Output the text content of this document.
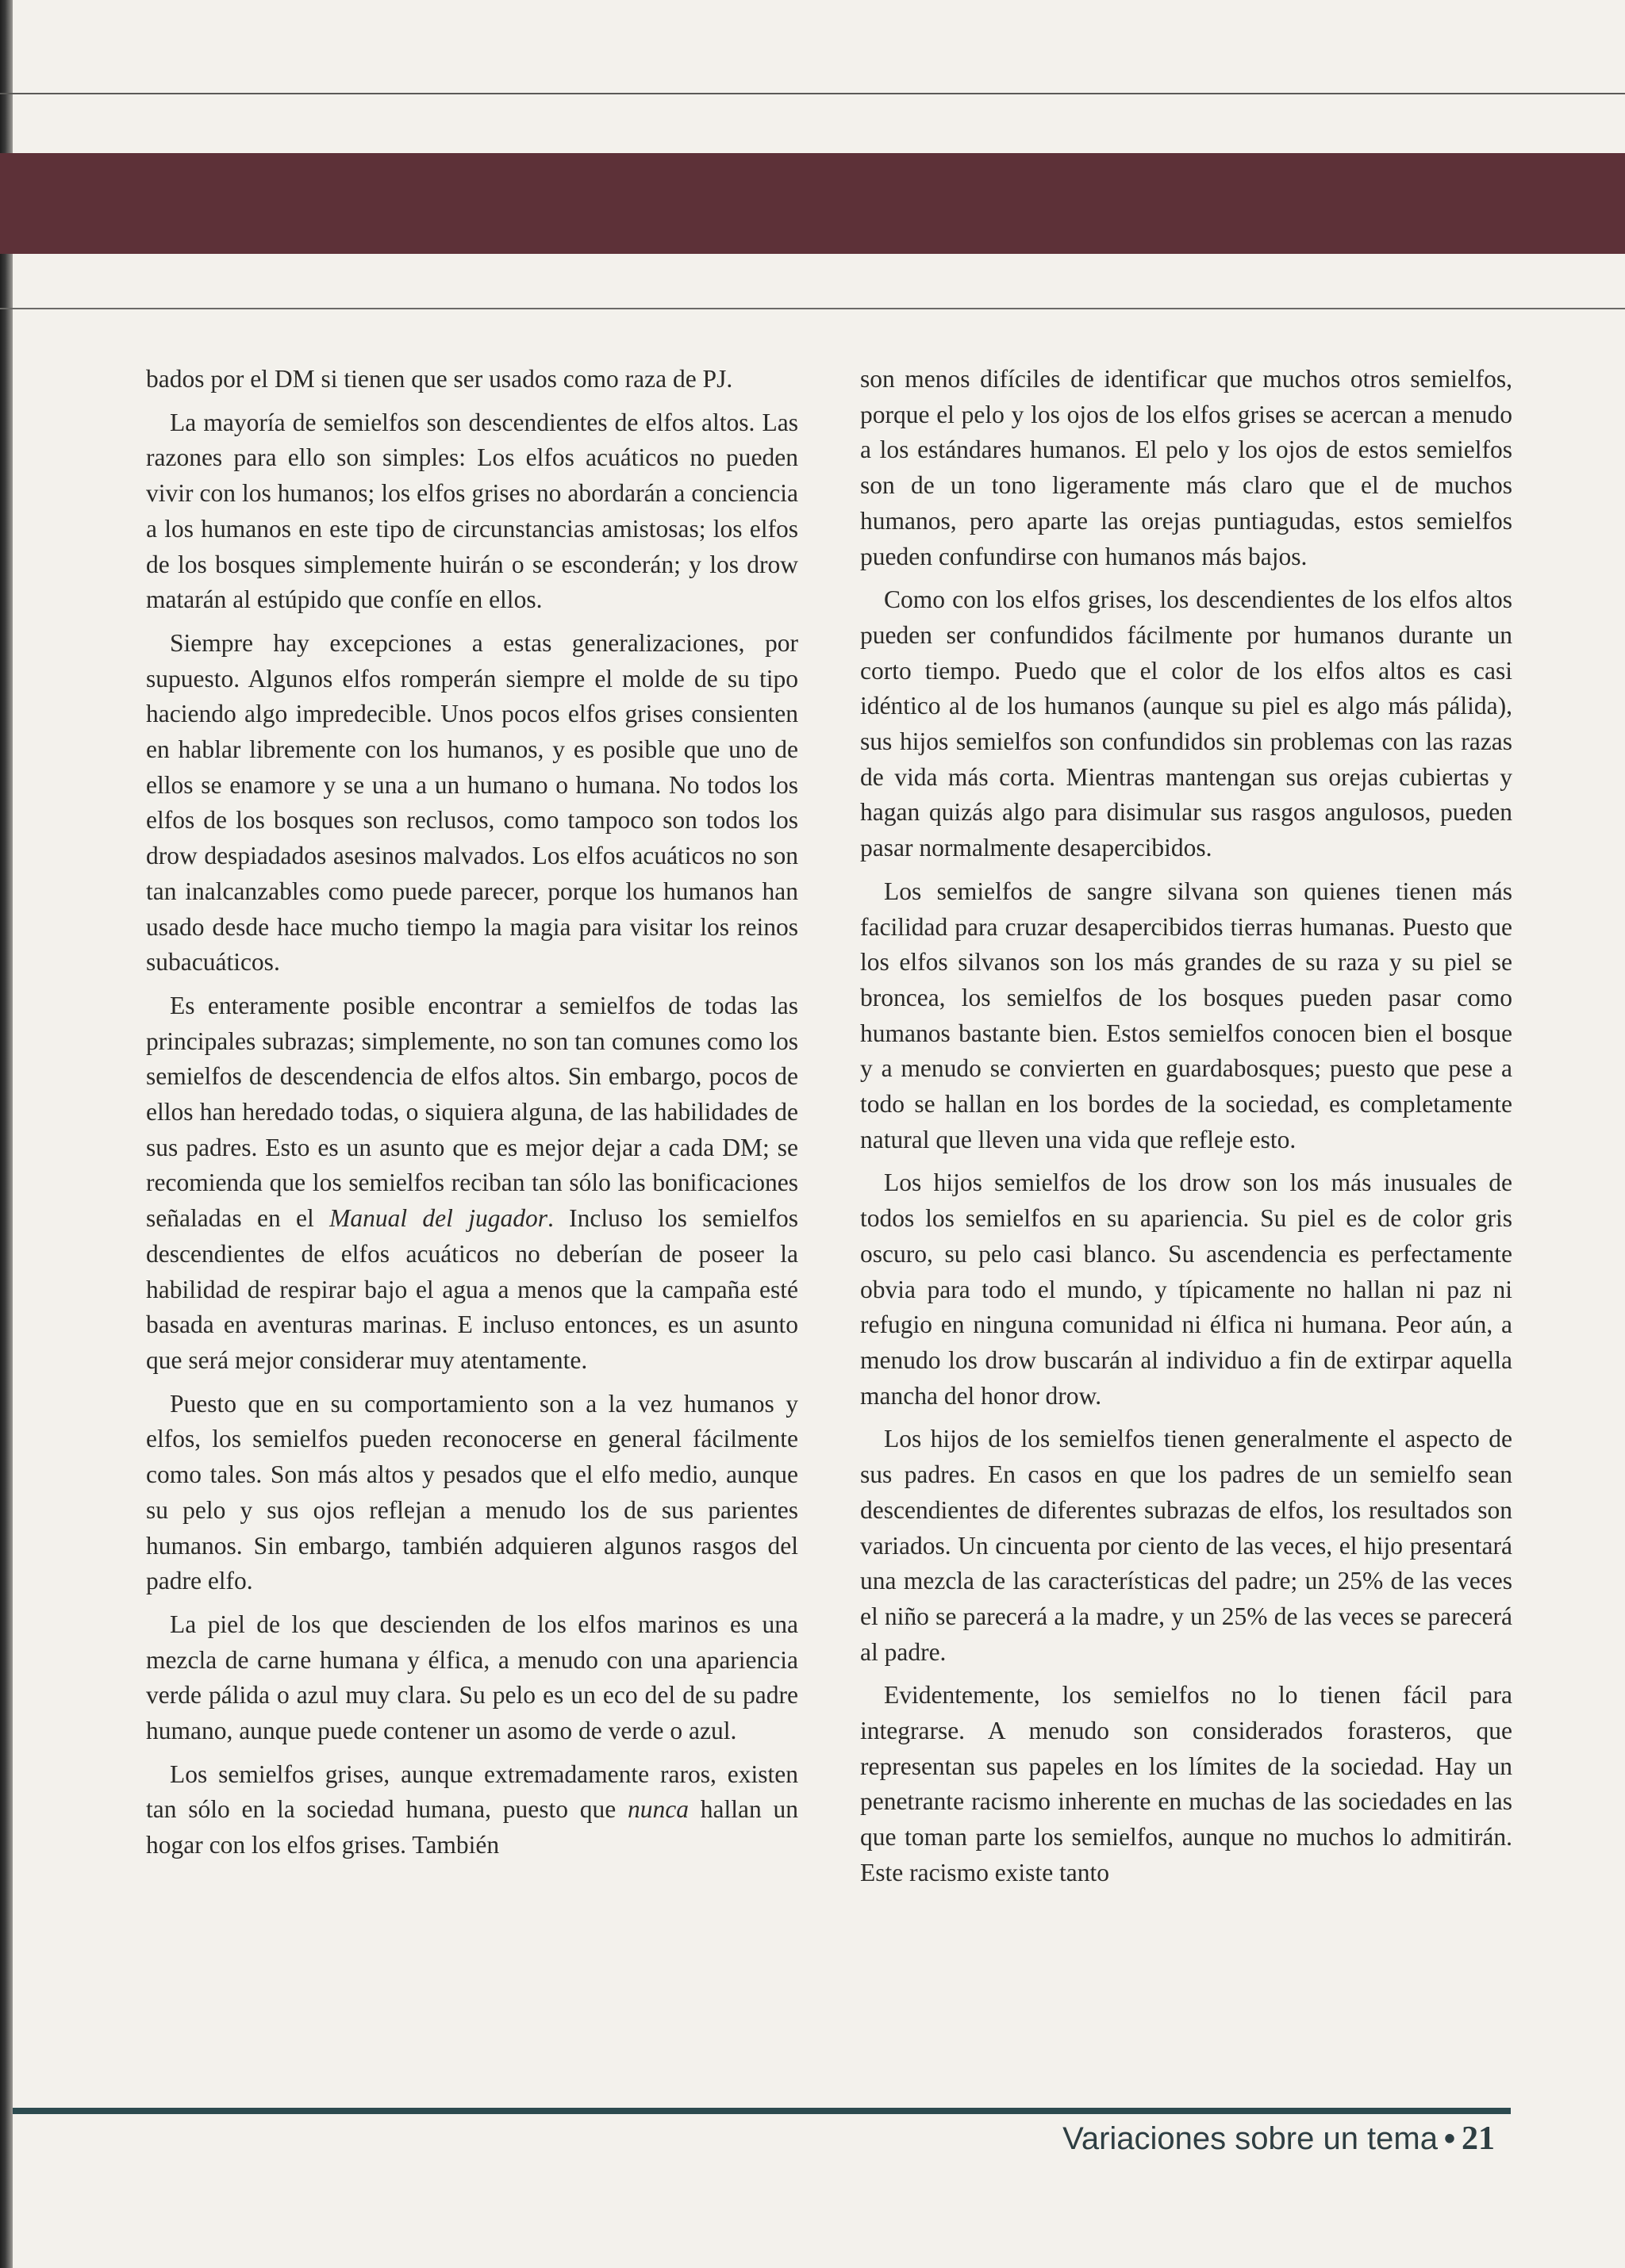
bados por el DM si tienen que ser usados como raza de PJ.

La mayoría de semielfos son descendientes de elfos altos. Las razones para ello son simples: Los elfos acuáticos no pueden vivir con los humanos; los elfos grises no abordarán a conciencia a los humanos en este tipo de circunstancias amistosas; los elfos de los bosques simplemente huirán o se esconderán; y los drow matarán al estúpido que confíe en ellos.

Siempre hay excepciones a estas generalizaciones, por supuesto. Algunos elfos romperán siempre el molde de su tipo haciendo algo impredecible. Unos pocos elfos grises consienten en hablar libremente con los humanos, y es posible que uno de ellos se enamore y se una a un humano o humana. No todos los elfos de los bosques son reclusos, como tampoco son todos los drow despiadados asesinos malvados. Los elfos acuáticos no son tan inalcanzables como puede parecer, porque los humanos han usado desde hace mucho tiempo la magia para visitar los reinos subacuáticos.

Es enteramente posible encontrar a semielfos de todas las principales subrazas; simplemente, no son tan comunes como los semielfos de descendencia de elfos altos. Sin embargo, pocos de ellos han heredado todas, o siquiera alguna, de las habilidades de sus padres. Esto es un asunto que es mejor dejar a cada DM; se recomienda que los semielfos reciban tan sólo las bonificaciones señaladas en el Manual del jugador. Incluso los semielfos descendientes de elfos acuáticos no deberían de poseer la habilidad de respirar bajo el agua a menos que la campaña esté basada en aventuras marinas. E incluso entonces, es un asunto que será mejor considerar muy atentamente.

Puesto que en su comportamiento son a la vez humanos y elfos, los semielfos pueden reconocerse en general fácilmente como tales. Son más altos y pesados que el elfo medio, aunque su pelo y sus ojos reflejan a menudo los de sus parientes humanos. Sin embargo, también adquieren algunos rasgos del padre elfo.

La piel de los que descienden de los elfos marinos es una mezcla de carne humana y élfica, a menudo con una apariencia verde pálida o azul muy clara. Su pelo es un eco del de su padre humano, aunque puede contener un asomo de verde o azul.

Los semielfos grises, aunque extremadamente raros, existen tan sólo en la sociedad humana, puesto que nunca hallan un hogar con los elfos grises. También

son menos difíciles de identificar que muchos otros semielfos, porque el pelo y los ojos de los elfos grises se acercan a menudo a los estándares humanos. El pelo y los ojos de estos semielfos son de un tono ligeramente más claro que el de muchos humanos, pero aparte las orejas puntiagudas, estos semielfos pueden confundirse con humanos más bajos.

Como con los elfos grises, los descendientes de los elfos altos pueden ser confundidos fácilmente por humanos durante un corto tiempo. Puedo que el color de los elfos altos es casi idéntico al de los humanos (aunque su piel es algo más pálida), sus hijos semielfos son confundidos sin problemas con las razas de vida más corta. Mientras mantengan sus orejas cubiertas y hagan quizás algo para disimular sus rasgos angulosos, pueden pasar normalmente desapercibidos.

Los semielfos de sangre silvana son quienes tienen más facilidad para cruzar desapercibidos tierras humanas. Puesto que los elfos silvanos son los más grandes de su raza y su piel se broncea, los semielfos de los bosques pueden pasar como humanos bastante bien. Estos semielfos conocen bien el bosque y a menudo se convierten en guardabosques; puesto que pese a todo se hallan en los bordes de la sociedad, es completamente natural que lleven una vida que refleje esto.

Los hijos semielfos de los drow son los más inusuales de todos los semielfos en su apariencia. Su piel es de color gris oscuro, su pelo casi blanco. Su ascendencia es perfectamente obvia para todo el mundo, y típicamente no hallan ni paz ni refugio en ninguna comunidad ni élfica ni humana. Peor aún, a menudo los drow buscarán al individuo a fin de extirpar aquella mancha del honor drow.

Los hijos de los semielfos tienen generalmente el aspecto de sus padres. En casos en que los padres de un semielfo sean descendientes de diferentes subrazas de elfos, los resultados son variados. Un cincuenta por ciento de las veces, el hijo presentará una mezcla de las características del padre; un 25% de las veces el niño se parecerá a la madre, y un 25% de las veces se parecerá al padre.

Evidentemente, los semielfos no lo tienen fácil para integrarse. A menudo son considerados forasteros, que representan sus papeles en los límites de la sociedad. Hay un penetrante racismo inherente en muchas de las sociedades en las que toman parte los semielfos, aunque no muchos lo admitirán. Este racismo existe tanto

Variaciones sobre un tema • 21
